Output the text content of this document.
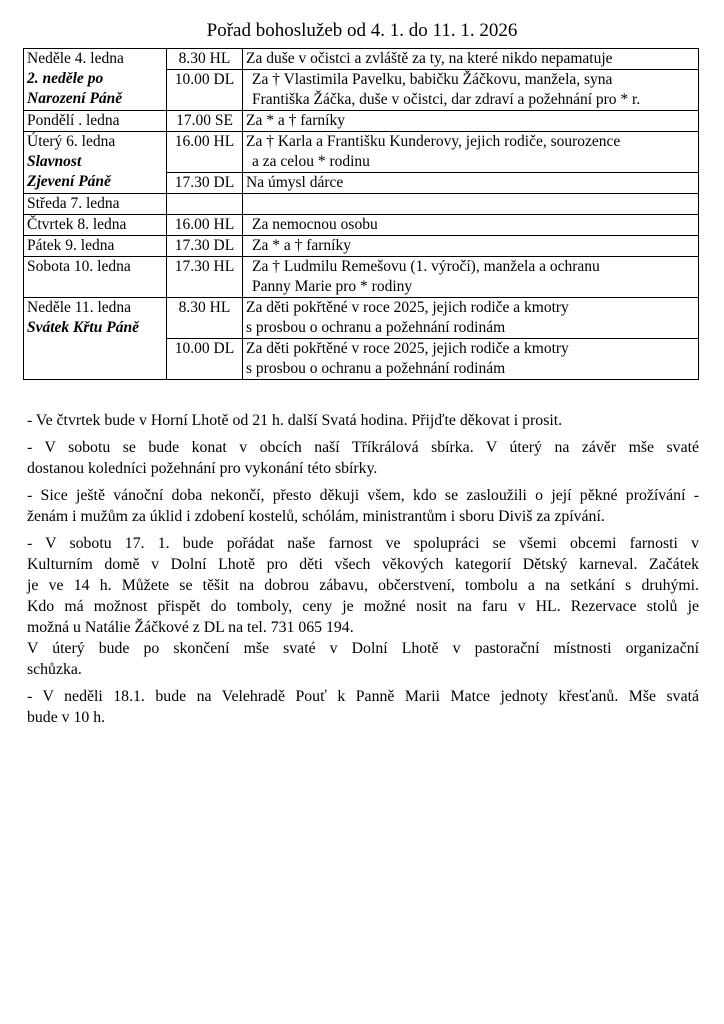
Pořad bohoslužeb od 4. 1. do 11. 1. 2026
Neděle 4. ledna
2. neděle po
Narození Páně	8.30 HL	Za duše v očistci a zvláště za ty, na které nikdo nepamatuje

	10.00 DL	Za † Vlastimila Pavelku, babičku Žáčkovu, manžela, syna
Františka Žáčka, duše v očistci, dar zdraví a požehnání pro * r.

Pondělí . ledna	17.00 SE	Za * a † farníky

Úterý 6. ledna
Slavnost
Zjevení Páně	16.00 HL	Za † Karla a Františku Kunderovy, jejich rodiče, sourozence
a za celou * rodinu

	17.30 DL	Na úmysl dárce
Středa 7. ledna		
Čtvrtek 8. ledna	16.00 HL	Za nemocnou osobu

Pátek 9. ledna	17.30 DL	Za * a † farníky

Sobota 10. ledna	17.30 HL	Za † Ludmilu Remešovu (1. výročí), manžela a ochranu
Panny Marie pro * rodiny

Neděle 11. ledna
Svátek Křtu Páně	8.30 HL	Za děti pokřtěné v roce 2025, jejich rodiče a kmotry
s prosbou o ochranu a požehnání rodinám

	10.00 DL	Za děti pokřtěné v roce 2025, jejich rodiče a kmotry
s prosbou o ochranu a požehnání rodinám

- Ve čtvrtek bude v Horní Lhotě od 21 h. další Svatá hodina. Přijďte děkovat i prosit.

- V sobotu se bude konat v obcích naší Tříkrálová sbírka. V úterý na závěr mše svaté
dostanou koledníci požehnání pro vykonání této sbírky.

- Sice ještě vánoční doba nekončí, přesto děkuji všem, kdo se zasloužili o její pěkné prožívání -
ženám i mužům za úklid i zdobení kostelů, schólám, ministrantům i sboru Diviš za zpívání.

- V sobotu 17. 1. bude pořádat naše farnost ve spolupráci se všemi obcemi farnosti v
Kulturním domě v Dolní Lhotě pro děti všech věkových kategorií Dětský karneval. Začátek
je ve 14 h. Můžete se těšit na dobrou zábavu, občerstvení, tombolu a na setkání s druhými.
Kdo má možnost přispět do tomboly, ceny je možné nosit na faru v HL. Rezervace stolů je
možná u Natálie Žáčkové z DL na tel. 731 065 194.

V úterý bude po skončení mše svaté v Dolní Lhotě v pastorační místnosti organizační
schůzka.

- V neděli 18.1. bude na Velehradě Pouť k Panně Marii Matce jednoty křesťanů. Mše svatá
bude v 10 h.
